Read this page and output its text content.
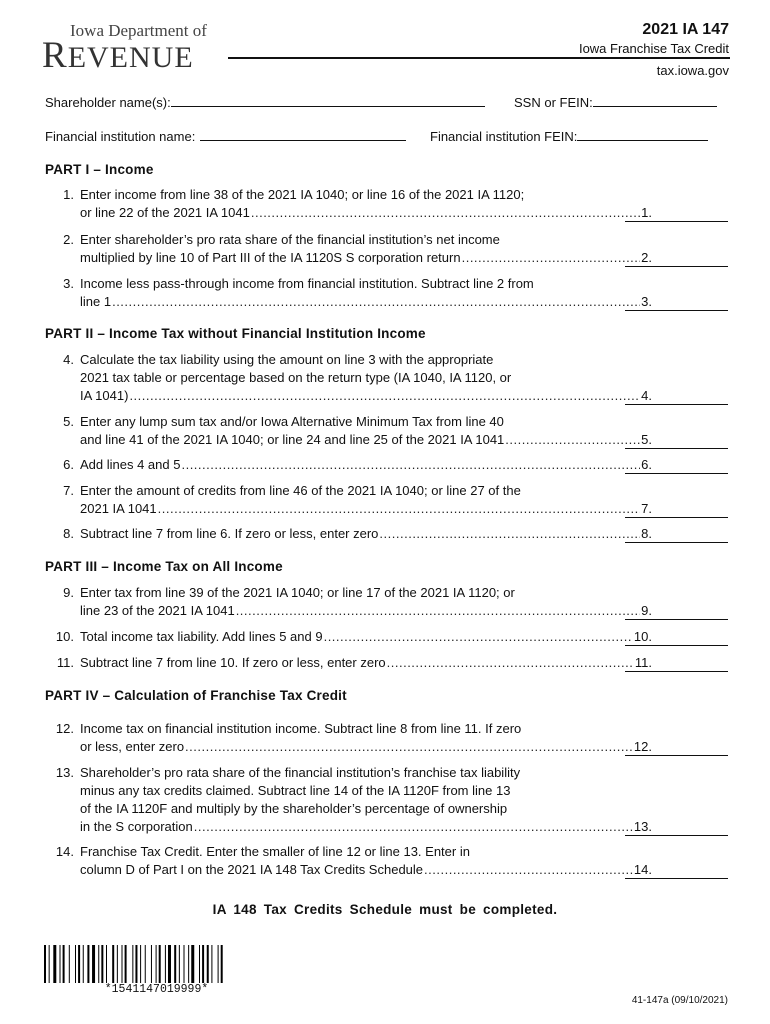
Iowa Department of
REVENUE
2021 IA 147
Iowa Franchise Tax Credit
tax.iowa.gov
Shareholder name(s):	SSN or FEIN:
Financial institution name:	Financial institution FEIN:
PART I – Income
1. Enter income from line 38 of the 2021 IA 1040; or line 16 of the 2021 IA 1120;
or line 22 of the 2021 IA 1041 .....	1.
2. Enter shareholder’s pro rata share of the financial institution’s net income
multiplied by line 10 of Part III of the IA 1120S S corporation return .....	2.
3. Income less pass-through income from financial institution. Subtract line 2 from
line 1 .....	3.
PART II – Income Tax without Financial Institution Income
4. Calculate the tax liability using the amount on line 3 with the appropriate
2021 tax table or percentage based on the return type (IA 1040, IA 1120, or
IA 1041) .....	4.
5. Enter any lump sum tax and/or Iowa Alternative Minimum Tax from line 40
and line 41 of the 2021 IA 1040; or line 24 and line 25 of the 2021 IA 1041 .....	5.
6. Add lines 4 and 5 .....	6.
7. Enter the amount of credits from line 46 of the 2021 IA 1040; or line 27 of the
2021 IA 1041 .....	7.
8. Subtract line 7 from line 6. If zero or less, enter zero .....	8.
PART III – Income Tax on All Income
9. Enter tax from line 39 of the 2021 IA 1040; or line 17 of the 2021 IA 1120; or
line 23 of the 2021 IA 1041 .....	9.
10. Total income tax liability. Add lines 5 and 9 .....	10.
11. Subtract line 7 from line 10. If zero or less, enter zero .....	11.
PART IV – Calculation of Franchise Tax Credit
12. Income tax on financial institution income. Subtract line 8 from line 11. If zero
or less, enter zero .....	12.
13. Shareholder’s pro rata share of the financial institution’s franchise tax liability
minus any tax credits claimed. Subtract line 14 of the IA 1120F from line 13
of the IA 1120F and multiply by the shareholder’s percentage of ownership
in the S corporation .....	13.
14. Franchise Tax Credit. Enter the smaller of line 12 or line 13. Enter in
column D of Part I on the 2021 IA 148 Tax Credits Schedule .....	14.
IA 148 Tax Credits Schedule must be completed.
*1541147019999*
41-147a (09/10/2021)
